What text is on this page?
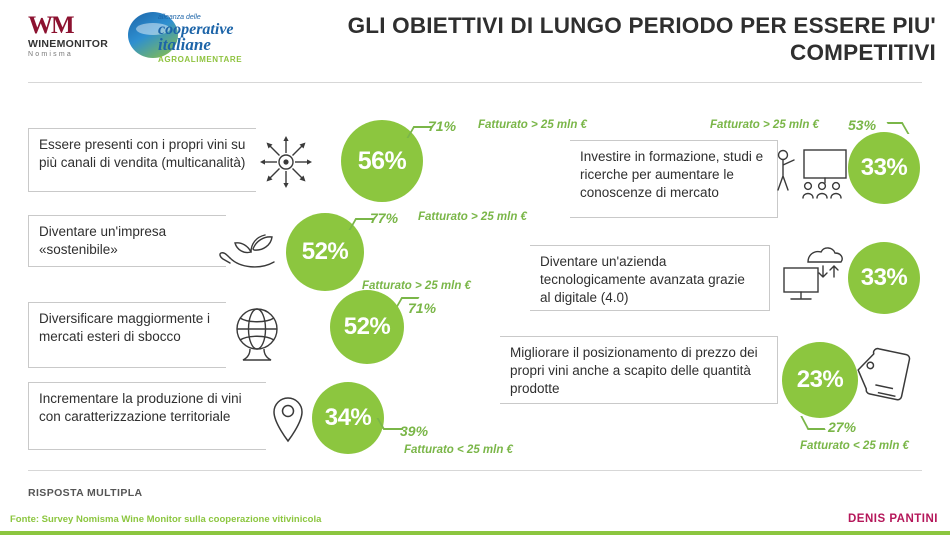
WM
WINEMONITOR
Nomisma
alleanza delle
cooperative
italiane
AGROALIMENTARE
GLI OBIETTIVI DI LUNGO PERIODO PER ESSERE PIU' COMPETITIVI
Essere presenti con i propri vini su più canali di vendita (multicanalità)	56%
71% Fatturato > 25 mln €
Diventare un'impresa «sostenibile»	52%
77% Fatturato > 25 mln €
Diversificare maggiormente i mercati esteri di sbocco
Fatturato > 25 mln €
71%
52%
Incrementare la produzione di vini con caratterizzazione territoriale	34%	39%
Fatturato < 25 mln €
Investire in formazione, studi e ricerche per aumentare le conoscenze di mercato
33%
Fatturato > 25 mln € 53%
Diventare un'azienda tecnologicamente avanzata grazie al digitale (4.0)
33%
Migliorare il posizionamento di prezzo dei propri vini anche a scapito delle quantità prodotte	23%
27%
Fatturato < 25 mln €
RISPOSTA MULTIPLA
Fonte: Survey Nomisma Wine Monitor sulla cooperazione vitivinicola	DENIS PANTINI
